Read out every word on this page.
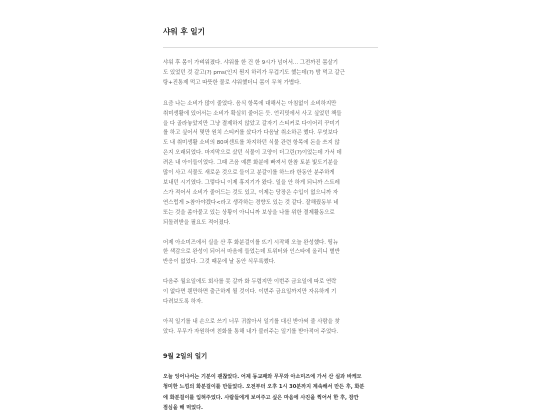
샤워 후 일기

샤워 후 몸이 가벼워졌다. 샤워를 한 건 한 9시가 넘어서... 그전까진 몸살기
도 있었던 것 같고(?) pms(인지 뭔지 하리가 무겁기도 했는데(?) 밤 먹고 갈근
탕+진통제 먹고 따뜻한 물로 샤워했더니 몸이 무척 가볍다.

요즘 나는 소비가 많이 줄었다. 음식 항목에 대해서는 아침없이 소비하지만
취미생활에 있어서는 소비가 확실히 줄어든 듯. 언리밋에서 사고 싶었던 책들
을 다 골라놓았지만 그냥 결제하지 않았고 갈자기 스티커로 다이어리 꾸미기
를 하고 싶어서 몇만 원치 스티커를 샀다가 다음날 취소하곤 했다. 무엇보다
도 내 취미생활 소비의 80퍼센트를 차지하던 식물 관련 항목에 돈을 쓰지 않
은지 오래되었다. 마지막으로 샀던 식물이 고양이 더그린(?)이었는데 가서 데
려온 내 아이들이었다. 그때 즈음 예쁜 화분에 빠져서 한참 토분 빛도기분을
많이 사고 식물도 새로운 것으로 들이고 분갈이를 하느라 한동안 분주하게
보내던 시기였다. 그렇다니 이제 휴지기가 왔다. 일을 안 하게 되니까 스트레
스가 적어서 소비가 줄어드는 것도 있고, 이제는 당장은 수입이 없으니까 자
연스럽게 >참아야겠다<라고 생각하는 경향도 있는 것 같다. 잘해줬동부 네
또는 것을 좀아붙고 있는 상황이 아니니까 보상을 나를 위한 결제활동으로
되돌려받을 필요도 적어졌다.

어제 아소미즈에서 실을 산 후 화분걸이를 뜨기 시작해 오늘 완성했다. 뜅뉴
한 색감으로 완성이 되어서 마음에 들었는데 트위터와 인스타에 올리니 별반
반응이 없었다. 그것 때문에 날 동안 식무록했다.

다음주 월요일에도 회사를 못 갈까 화 두렵지만 이번주 금요일에 따로 연락
이 없다면 웬만하면 출근하게 될 것이다. 이번주 금요일까지만 자유하게 기
다려보도록 하자.

아직 일기를 내 손으로 쓰기 너무 귀찮아서 일기를 대신 받아써 줄 사람을 찾
았다. 무무가 자원하여 친화를 통해 내가 불러주는 일기를 받아적어 주었다.

9월 2일의 일기

오늘 잉어나서는 기분이 괜찮았다. 어제 동교패와 무무와 아소미즈에 가서 산 실과 바케모
청미한 느낌의 화분걸이를 만들었다. 오전부터 오후 1시 30분까지 계속해서 만든 후, 화분
에 화분걸이를 입혀주었다. 사람들에게 보여주고 싶은 마음에 사진을 찍어서 한 후, 잠깐
점심을 해 먹었다.
